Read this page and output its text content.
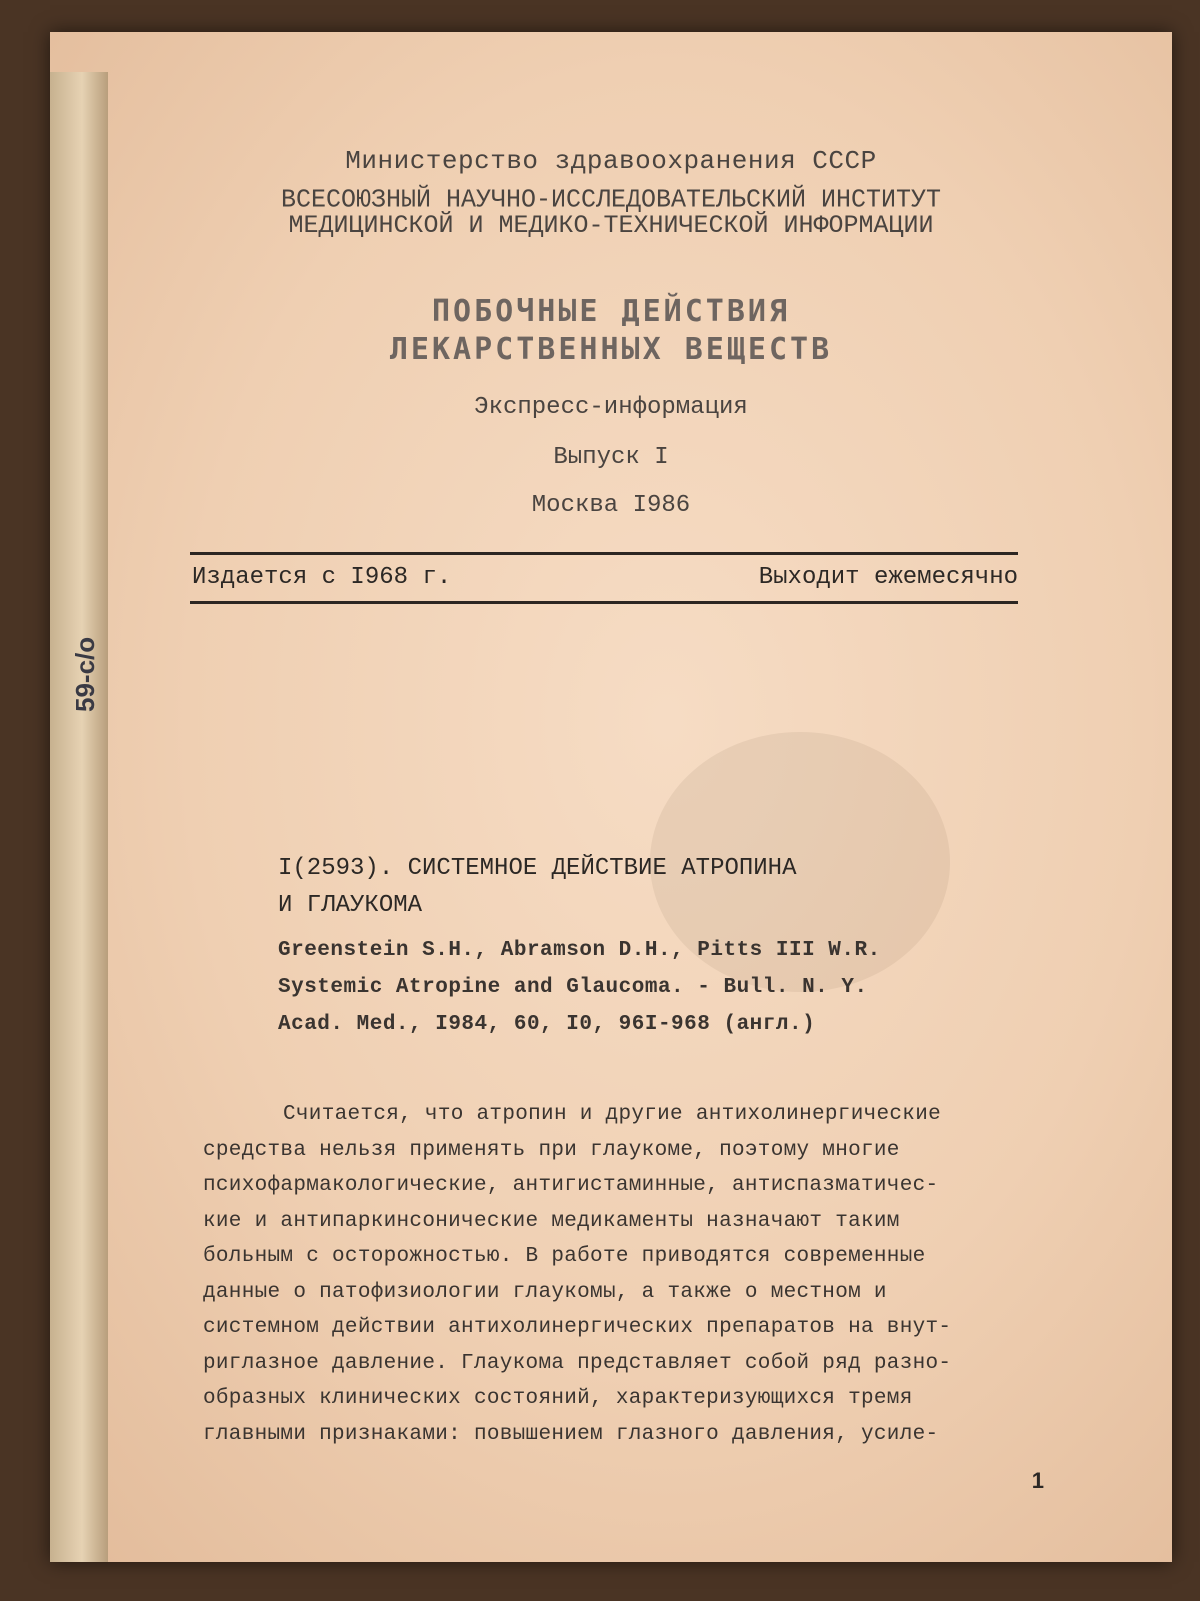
Министерство здравоохранения СССР
ВСЕСОЮЗНЫЙ НАУЧНО-ИССЛЕДОВАТЕЛЬСКИЙ ИНСТИТУТ
МЕДИЦИНСКОЙ И МЕДИКО-ТЕХНИЧЕСКОЙ ИНФОРМАЦИИ
ПОБОЧНЫЕ ДЕЙСТВИЯ
ЛЕКАРСТВЕННЫХ ВЕЩЕСТВ
Экспресс-информация
Выпуск I
Москва I986
Издается с I968 г.	Выходит ежемесячно
59-с/о
I(2593). СИСТЕМНОЕ ДЕЙСТВИЕ АТРОПИНА
И ГЛАУКОМА
Greenstein S.H., Abramson D.H., Pitts III W.R.
Systemic Atropine and Glaucoma. - Bull. N. Y.
Acad. Med., I984, 60, I0, 96I-968 (англ.)
Считается, что атропин и другие антихолинергические
средства нельзя применять при глаукоме, поэтому многие
психофармакологические, антигистаминные, антиспазматичес-
кие и антипаркинсонические медикаменты назначают таким
больным с осторожностью. В работе приводятся современные
данные о патофизиологии глаукомы, а также о местном и
системном действии антихолинергических препаратов на внут-
риглазное давление. Глаукома представляет собой ряд разно-
образных клинических состояний, характеризующихся тремя
главными признаками: повышением глазного давления, усиле-
1
